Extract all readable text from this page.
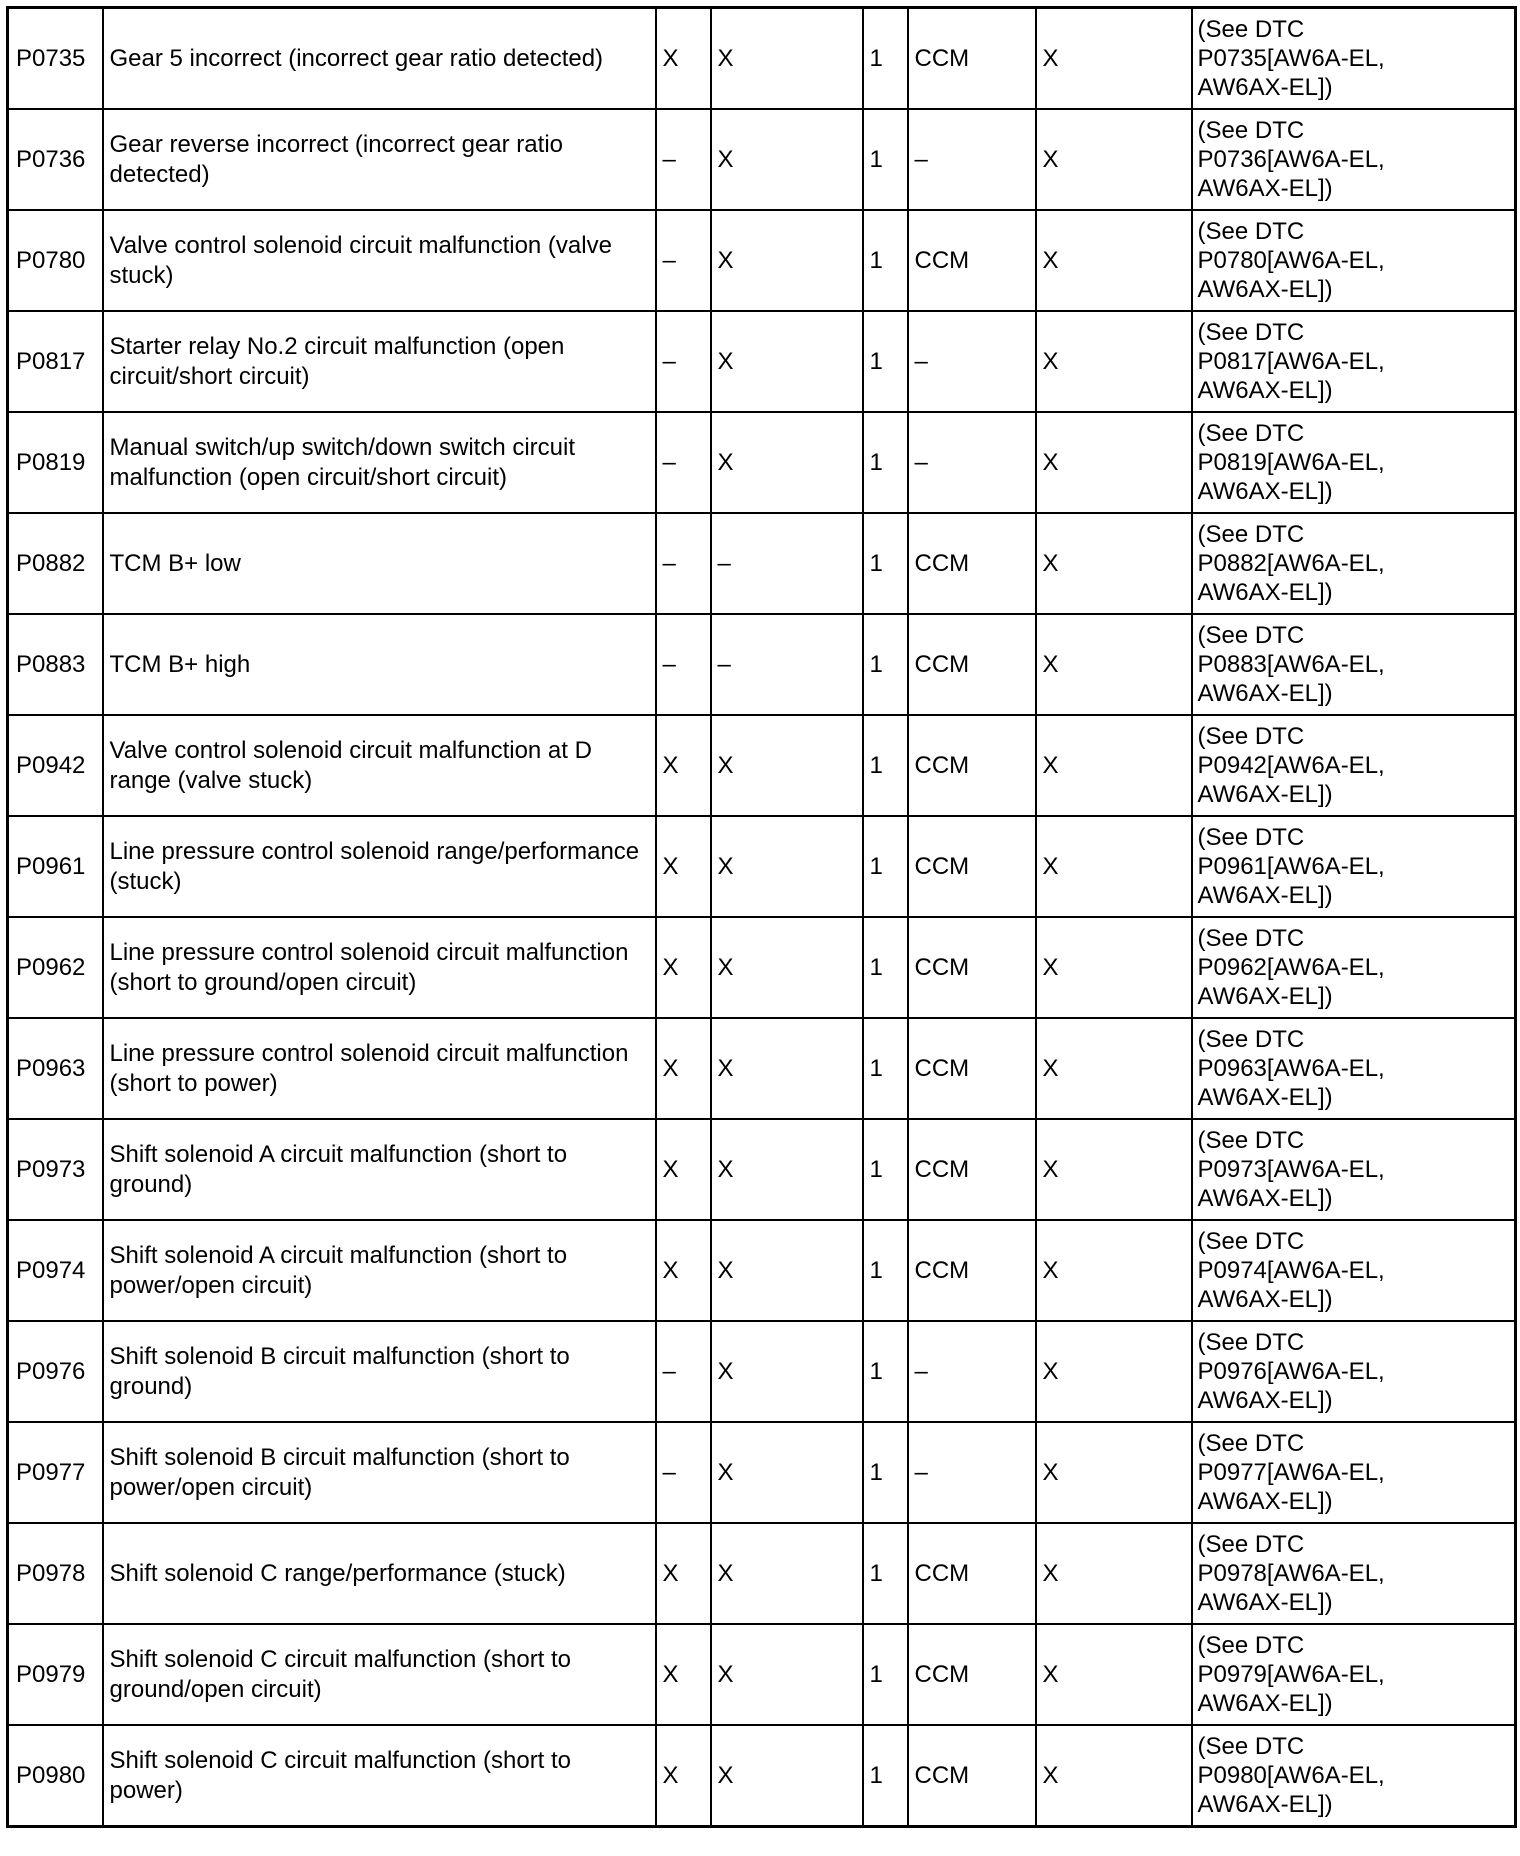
P0735	Gear 5 incorrect (incorrect gear ratio detected)	X	X	1	CCM	X	(See DTC
P0735[AW6A-EL,
AW6AX-EL])

P0736	Gear reverse incorrect (incorrect gear ratio detected)	–	X	1	–	X	(See DTC
P0736[AW6A-EL,
AW6AX-EL])

P0780	Valve control solenoid circuit malfunction (valve stuck)	–	X	1	CCM	X	(See DTC
P0780[AW6A-EL,
AW6AX-EL])

P0817	Starter relay No.2 circuit malfunction (open circuit/short circuit)	–	X	1	–	X	(See DTC
P0817[AW6A-EL,
AW6AX-EL])

P0819	Manual switch/up switch/down switch circuit malfunction (open circuit/short circuit)	–	X	1	–	X	(See DTC
P0819[AW6A-EL,
AW6AX-EL])

P0882	TCM B+ low	–	–	1	CCM	X	(See DTC
P0882[AW6A-EL,
AW6AX-EL])

P0883	TCM B+ high	–	–	1	CCM	X	(See DTC
P0883[AW6A-EL,
AW6AX-EL])

P0942	Valve control solenoid circuit malfunction at D range (valve stuck)	X	X	1	CCM	X	(See DTC
P0942[AW6A-EL,
AW6AX-EL])

P0961	Line pressure control solenoid range/performance (stuck)	X	X	1	CCM	X	(See DTC
P0961[AW6A-EL,
AW6AX-EL])

P0962	Line pressure control solenoid circuit malfunction (short to ground/open circuit)	X	X	1	CCM	X	(See DTC
P0962[AW6A-EL,
AW6AX-EL])

P0963	Line pressure control solenoid circuit malfunction (short to power)	X	X	1	CCM	X	(See DTC
P0963[AW6A-EL,
AW6AX-EL])

P0973	Shift solenoid A circuit malfunction (short to ground)	X	X	1	CCM	X	(See DTC
P0973[AW6A-EL,
AW6AX-EL])

P0974	Shift solenoid A circuit malfunction (short to power/open circuit)	X	X	1	CCM	X	(See DTC
P0974[AW6A-EL,
AW6AX-EL])

P0976	Shift solenoid B circuit malfunction (short to ground)	–	X	1	–	X	(See DTC
P0976[AW6A-EL,
AW6AX-EL])

P0977	Shift solenoid B circuit malfunction (short to power/open circuit)	–	X	1	–	X	(See DTC
P0977[AW6A-EL,
AW6AX-EL])

P0978	Shift solenoid C range/performance (stuck)	X	X	1	CCM	X	(See DTC
P0978[AW6A-EL,
AW6AX-EL])

P0979	Shift solenoid C circuit malfunction (short to ground/open circuit)	X	X	1	CCM	X	(See DTC
P0979[AW6A-EL,
AW6AX-EL])

P0980	Shift solenoid C circuit malfunction (short to power)	X	X	1	CCM	X	(See DTC
P0980[AW6A-EL,
AW6AX-EL])
